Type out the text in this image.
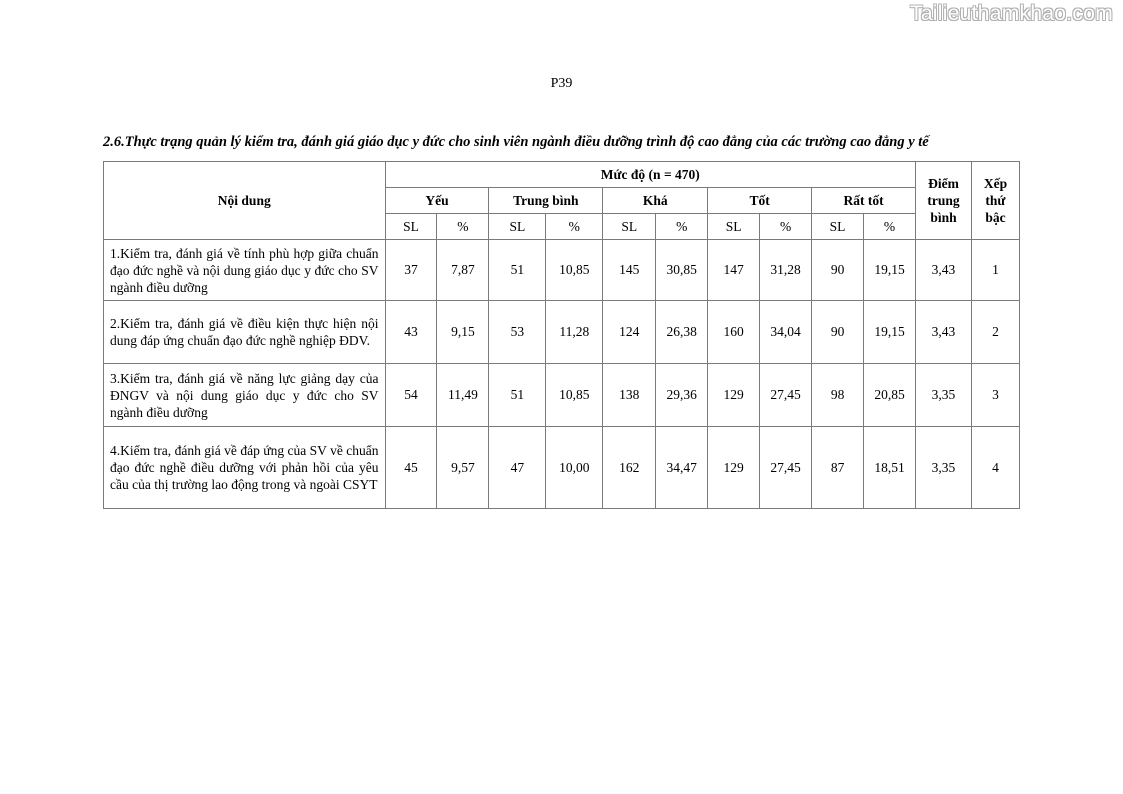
Tailieuthamkhao.com
P39
2.6.Thực trạng quản lý kiểm tra, đánh giá giáo dục y đức cho sinh viên ngành điều dưỡng trình độ cao đẳng của các trường cao đẳng y tế
Nội dung	Mức độ (n = 470)										Điểm trung bình	Xếp thứ bậc
	Yếu		Trung bình		Khá		Tốt		Rất tốt			
	SL	%	SL	%	SL	%	SL	%	SL	%		
1.Kiểm tra, đánh giá về tính phù hợp giữa chuẩn đạo đức nghề và nội dung giáo dục y đức cho SV ngành điều dưỡng	37	7,87	51	10,85	145	30,85	147	31,28	90	19,15	3,43	1
2.Kiểm tra, đánh giá về điều kiện thực hiện nội dung đáp ứng chuẩn đạo đức nghề nghiệp ĐDV.	43	9,15	53	11,28	124	26,38	160	34,04	90	19,15	3,43	2
3.Kiểm tra, đánh giá về năng lực giảng dạy của ĐNGV và nội dung giáo dục y đức cho SV ngành điều dưỡng	54	11,49	51	10,85	138	29,36	129	27,45	98	20,85	3,35	3
4.Kiểm tra, đánh giá về đáp ứng của SV về chuẩn đạo đức nghề điều dưỡng với phản hồi của yêu cầu của thị trường lao động trong và ngoài CSYT	45	9,57	47	10,00	162	34,47	129	27,45	87	18,51	3,35	4
